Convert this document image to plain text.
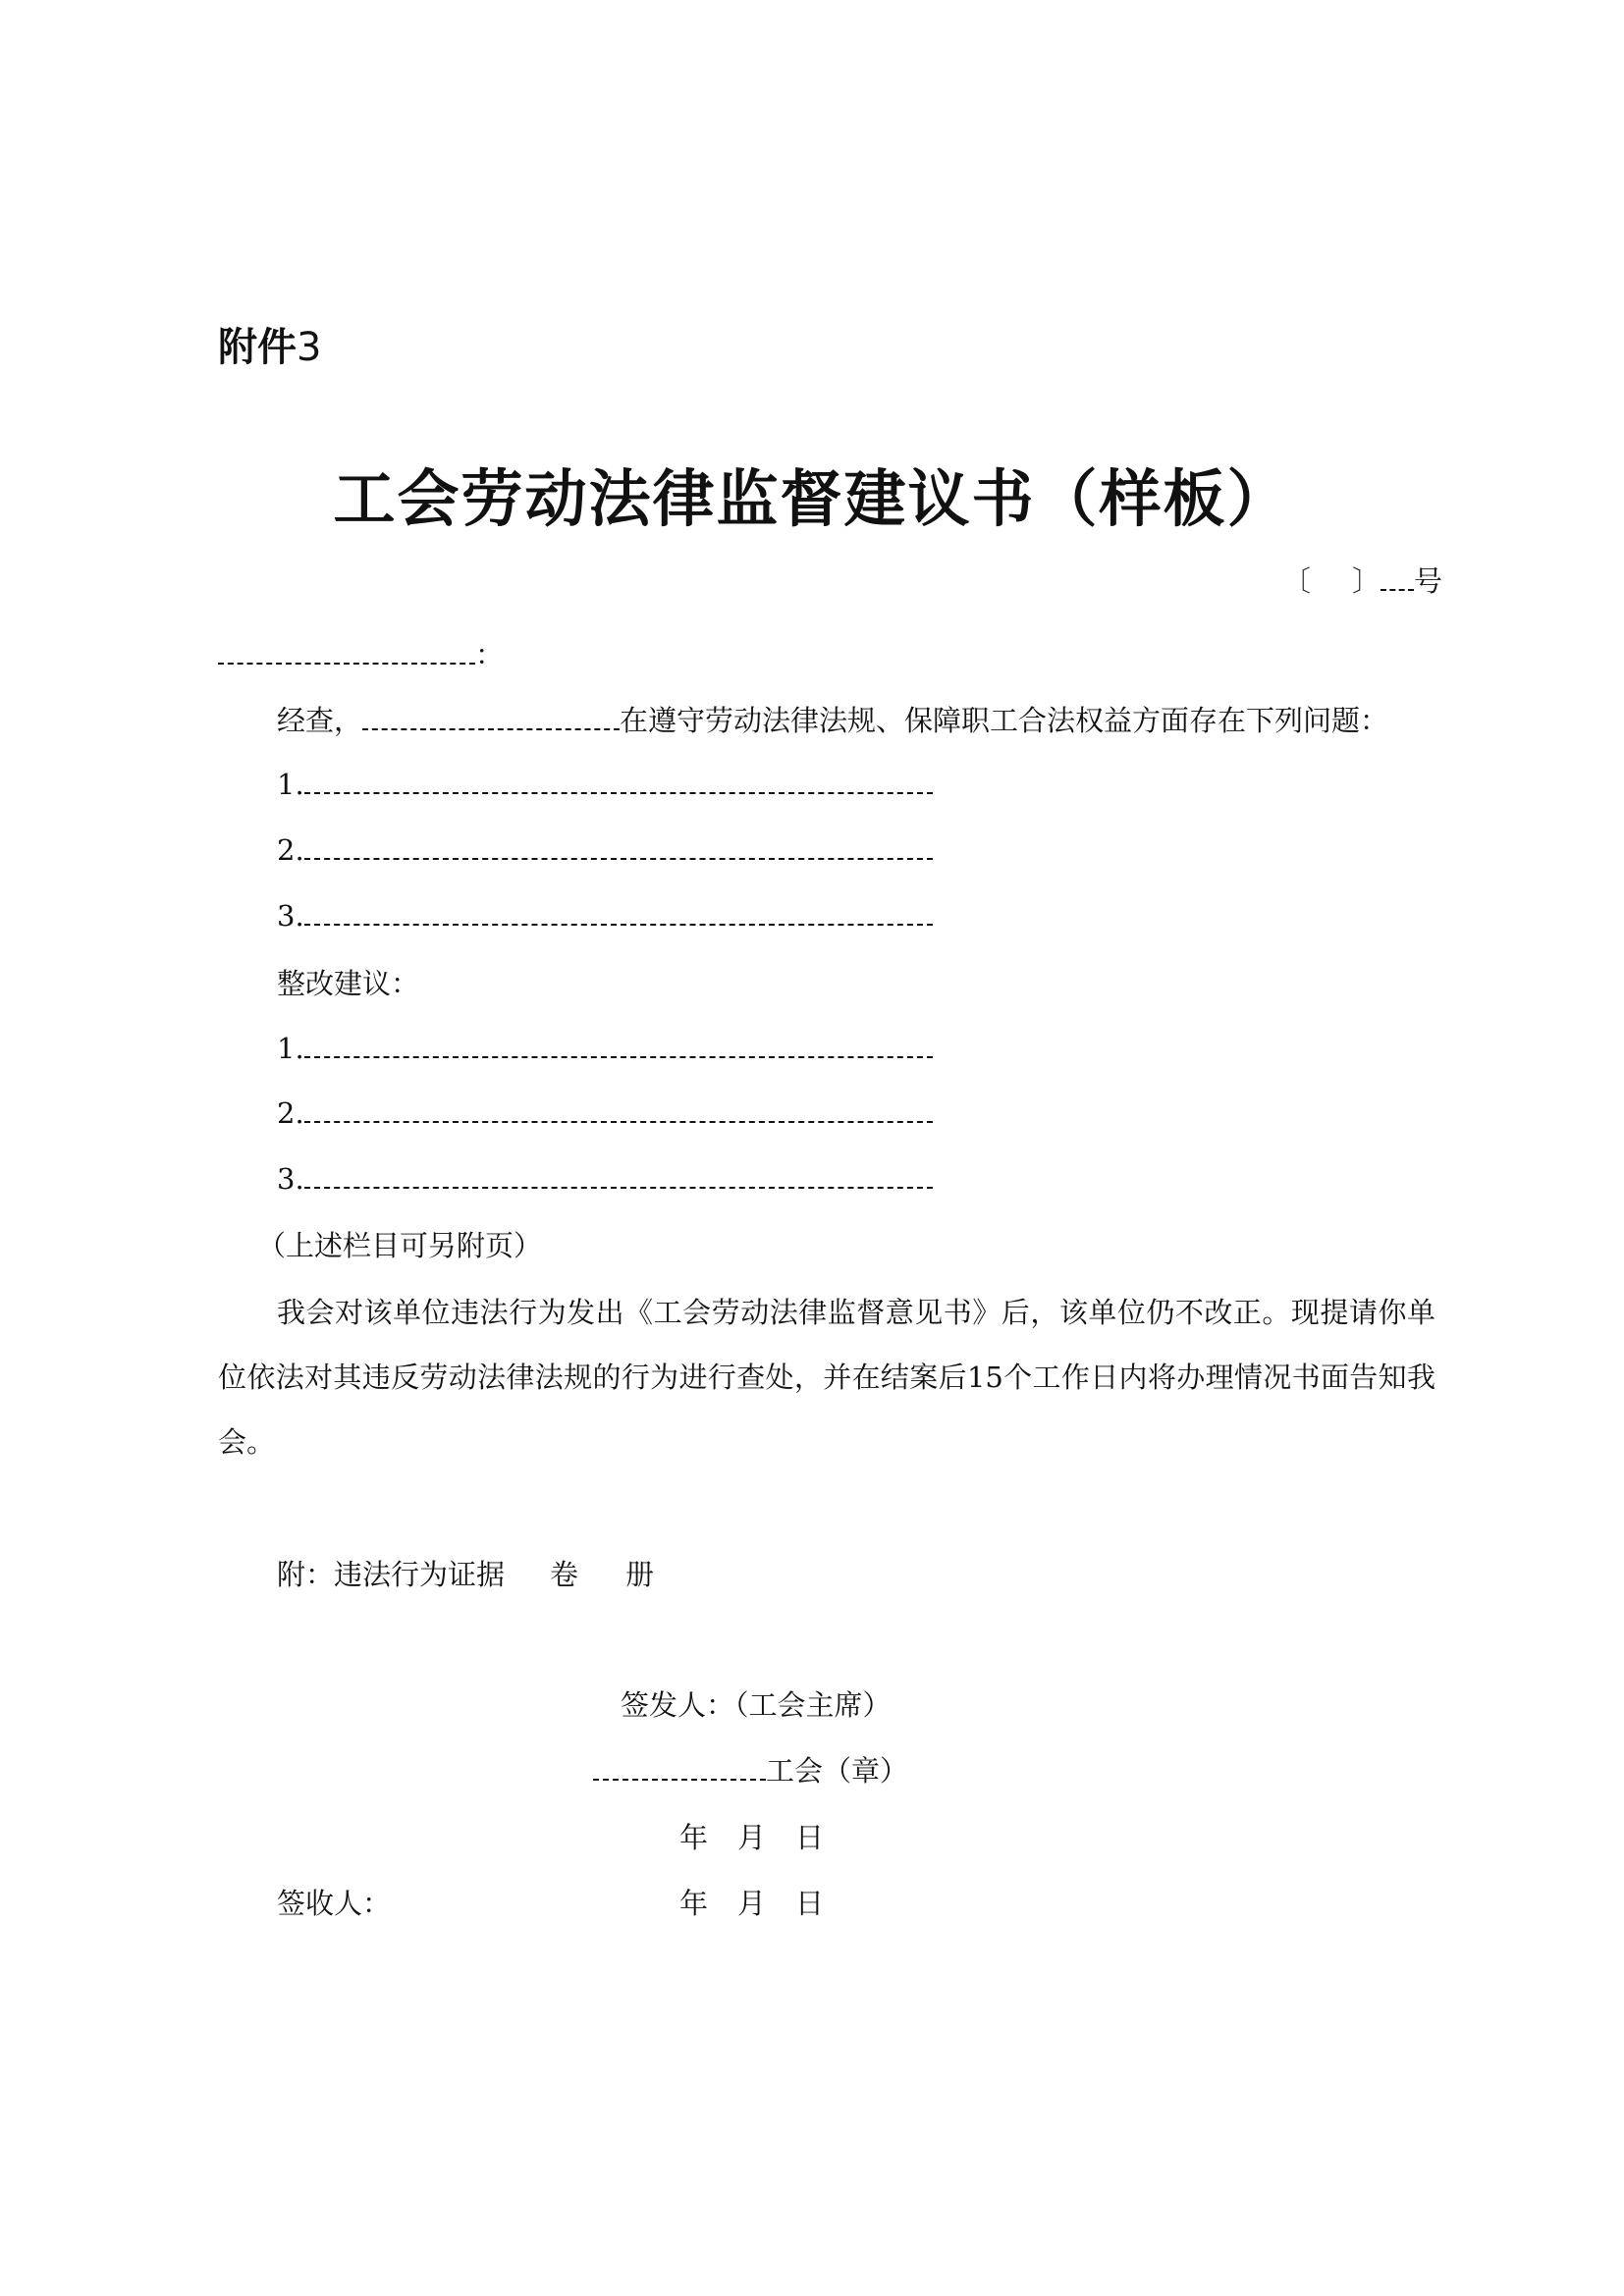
附件3
工会劳动法律监督建议书（样板）
〔 〕 号
：
经查，	在遵守劳动法律法规、保障职工合法权益方面存在下列问题：
1.
2.
3.
整改建议：
1.
2.
3.
（上述栏目可另附页）
我会对该单位违法行为发出《工会劳动法律监督意见书》后，该单位仍不改正。现提请你单位依法对其违反劳动法律法规的行为进行查处，并在结案后15个工作日内将办理情况书面告知我会。
附：违法行为证据 卷 册
签发人：（工会主席）
工会（章）
年 月 日
签收人：	年 月 日
